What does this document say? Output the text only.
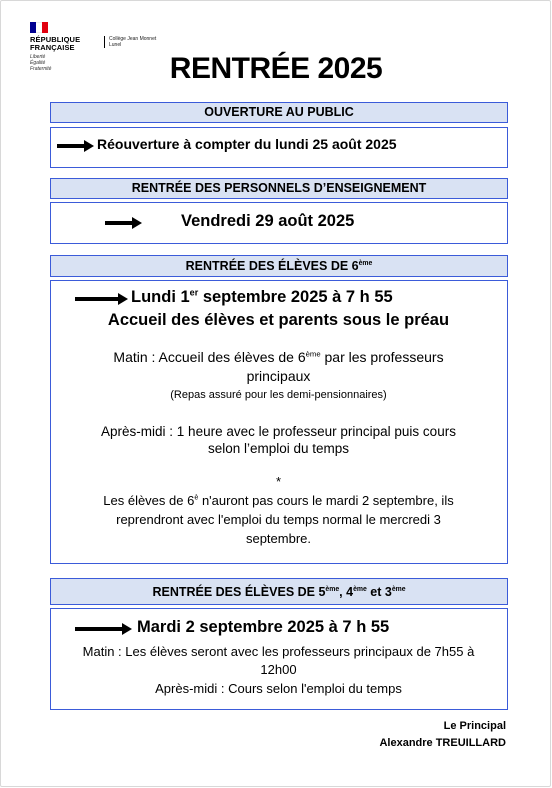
RÉPUBLIQUE
FRANÇAISE
Liberté
Égalité
Fraternité
Collège Jean Monnet
Lunel
RENTRÉE 2025
OUVERTURE AU PUBLIC
Réouverture à compter du lundi 25 août 2025
RENTRÉE DES PERSONNELS D’ENSEIGNEMENT
Vendredi 29 août 2025
RENTRÉE DES ÉLÈVES DE 6ème
Lundi 1er septembre 2025 à 7 h 55
Accueil des élèves et parents sous le préau
Matin : Accueil des élèves de 6ème par les professeurs
principaux
(Repas assuré pour les demi-pensionnaires)
Après-midi : 1 heure avec le professeur principal puis cours
selon l’emploi du temps
*
Les élèves de $6^è$ n'auront pas cours le mardi 2 septembre, ils
reprendront avec l'emploi du temps normal le mercredi 3
septembre.
RENTRÉE DES ÉLÈVES DE 5ème, 4ème et 3ème
Mardi 2 septembre 2025 à 7 h 55
Matin : Les élèves seront avec les professeurs principaux de 7h55 à
12h00
Après-midi : Cours selon l'emploi du temps
Le Principal
Alexandre TREUILLARD
